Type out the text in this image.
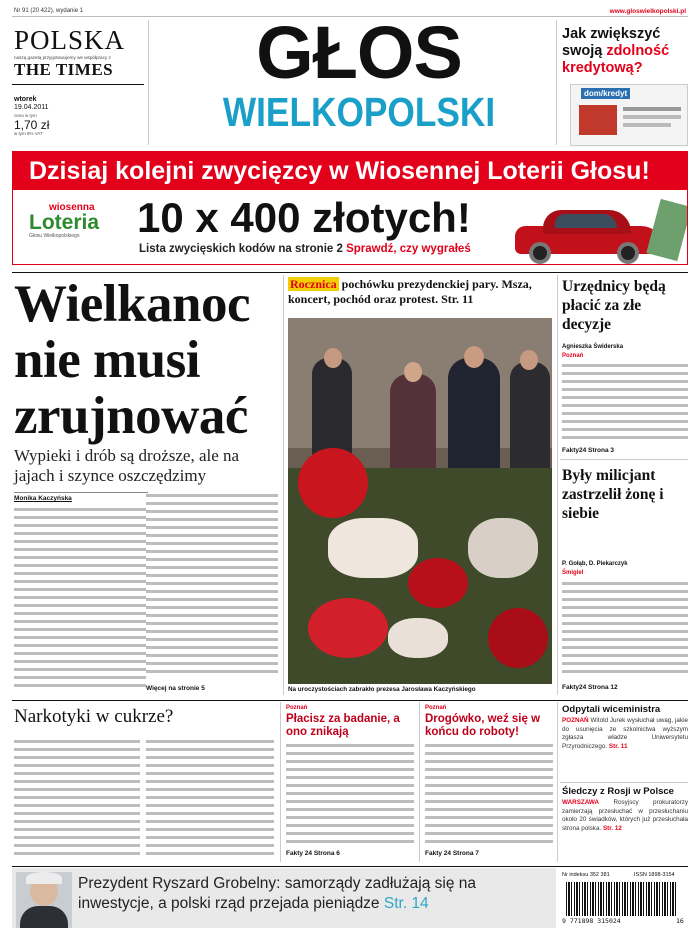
Nr 91 (20 422), wydanie 1	www.gloswielkopolski.pl
POLSKA
naszą gazetą przygotowujemy we współpracy z
THE TIMES
wtorek
19.04.2011
cena w tym
1,70 zł
w tym 8% VAT
GŁOS
WIELKOPOLSKI
Jak zwiększyć
swoją zdolność
kredytową?
dom/kredyt
Dzisiaj kolejni zwycięzcy w Wiosennej Loterii Głosu!
wiosenna
Loteria
Głosu Wielkopolskiego	10 x 400 złotych!
Lista zwycięskich kodów na stronie 2 Sprawdź, czy wygrałeś
Wielkanoc
nie musi
zrujnować
Wypieki i drób są droższe, ale na jajach i szynce oszczędzimy
Monika Kaczyńska
Więcej na stronie 5
Rocznica pochówku prezydenckiej pary. Msza, koncert, pochód oraz protest. Str. 11
Na uroczystościach zabrakło prezesa Jarosława Kaczyńskiego
Urzędnicy będą płacić za złe decyzje
Agnieszka Świderska
Poznań
Fakty24 Strona 3
Były milicjant zastrzelił żonę i siebie
P. Gołąb, D. Piekarczyk
Śmigiel
Fakty24 Strona 12
Narkotyki w cukrze?	Poznań
Płacisz za badanie, a ono znikają
Fakty 24 Strona 6
Poznań
Drogówko, weź się w końcu do roboty!
Fakty 24 Strona 7
Odpytali wiceministra
POZNAŃ Witold Jurek wysłuchał uwag, jakie do usunięcia ze szkolnictwa wyższym zgłasza władze Uniwersytetu Przyrodniczego. Str. 11
Śledczy z Rosji w Polsce
WARSZAWA Rosyjscy prokuratorzy zamierzają przesłuchać w przesłuchaniu około 20 świadków, których już przesłuchała strona polska. Str. 12
Prezydent Ryszard Grobelny: samorządy zadłużają się na inwestycje, a polski rząd przejada pieniądze Str. 14
Nr indeksu 352 381	ISSN 1898-3154
9 771898 315024	16
